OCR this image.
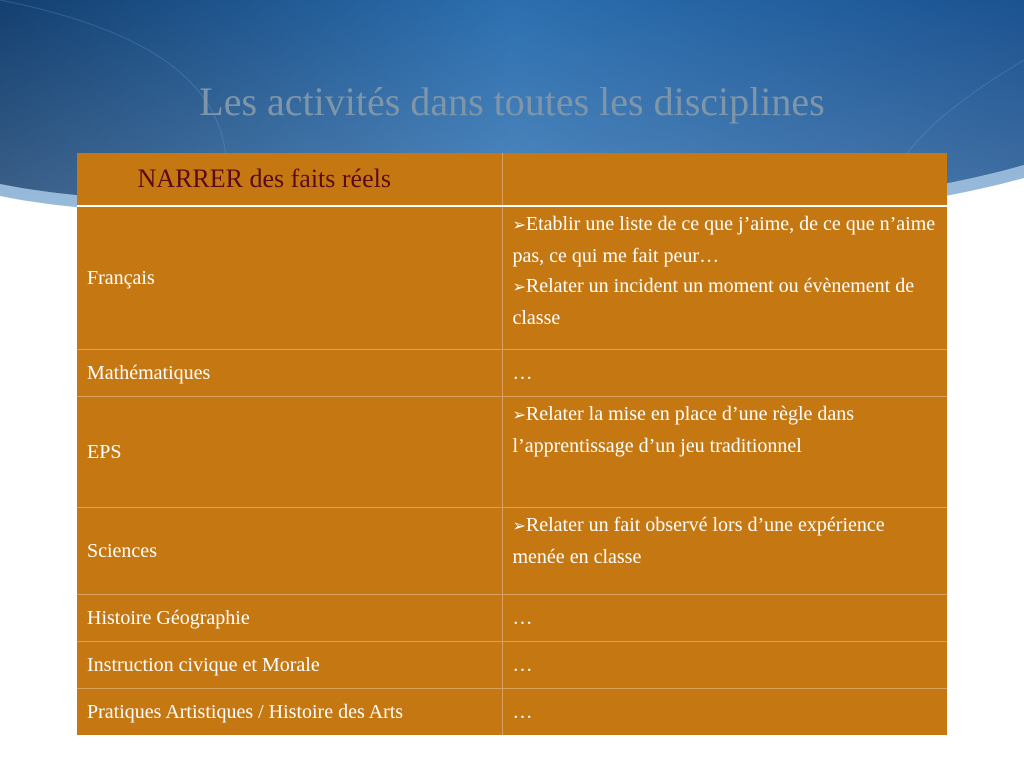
Les activités dans toutes les disciplines
NARRER des faits réels	
Français	➢Etablir une liste de ce que j’aime, de ce que n’aime pas, ce qui me fait peur…
➢Relater un incident un moment ou évènement de classe

Mathématiques	…
EPS	➢Relater la mise en place d’une règle dans l’apprentissage d’un jeu traditionnel

Sciences	➢Relater un fait observé lors d’une expérience menée en classe

Histoire Géographie	…
Instruction civique et Morale	…
Pratiques Artistiques / Histoire des Arts	…
